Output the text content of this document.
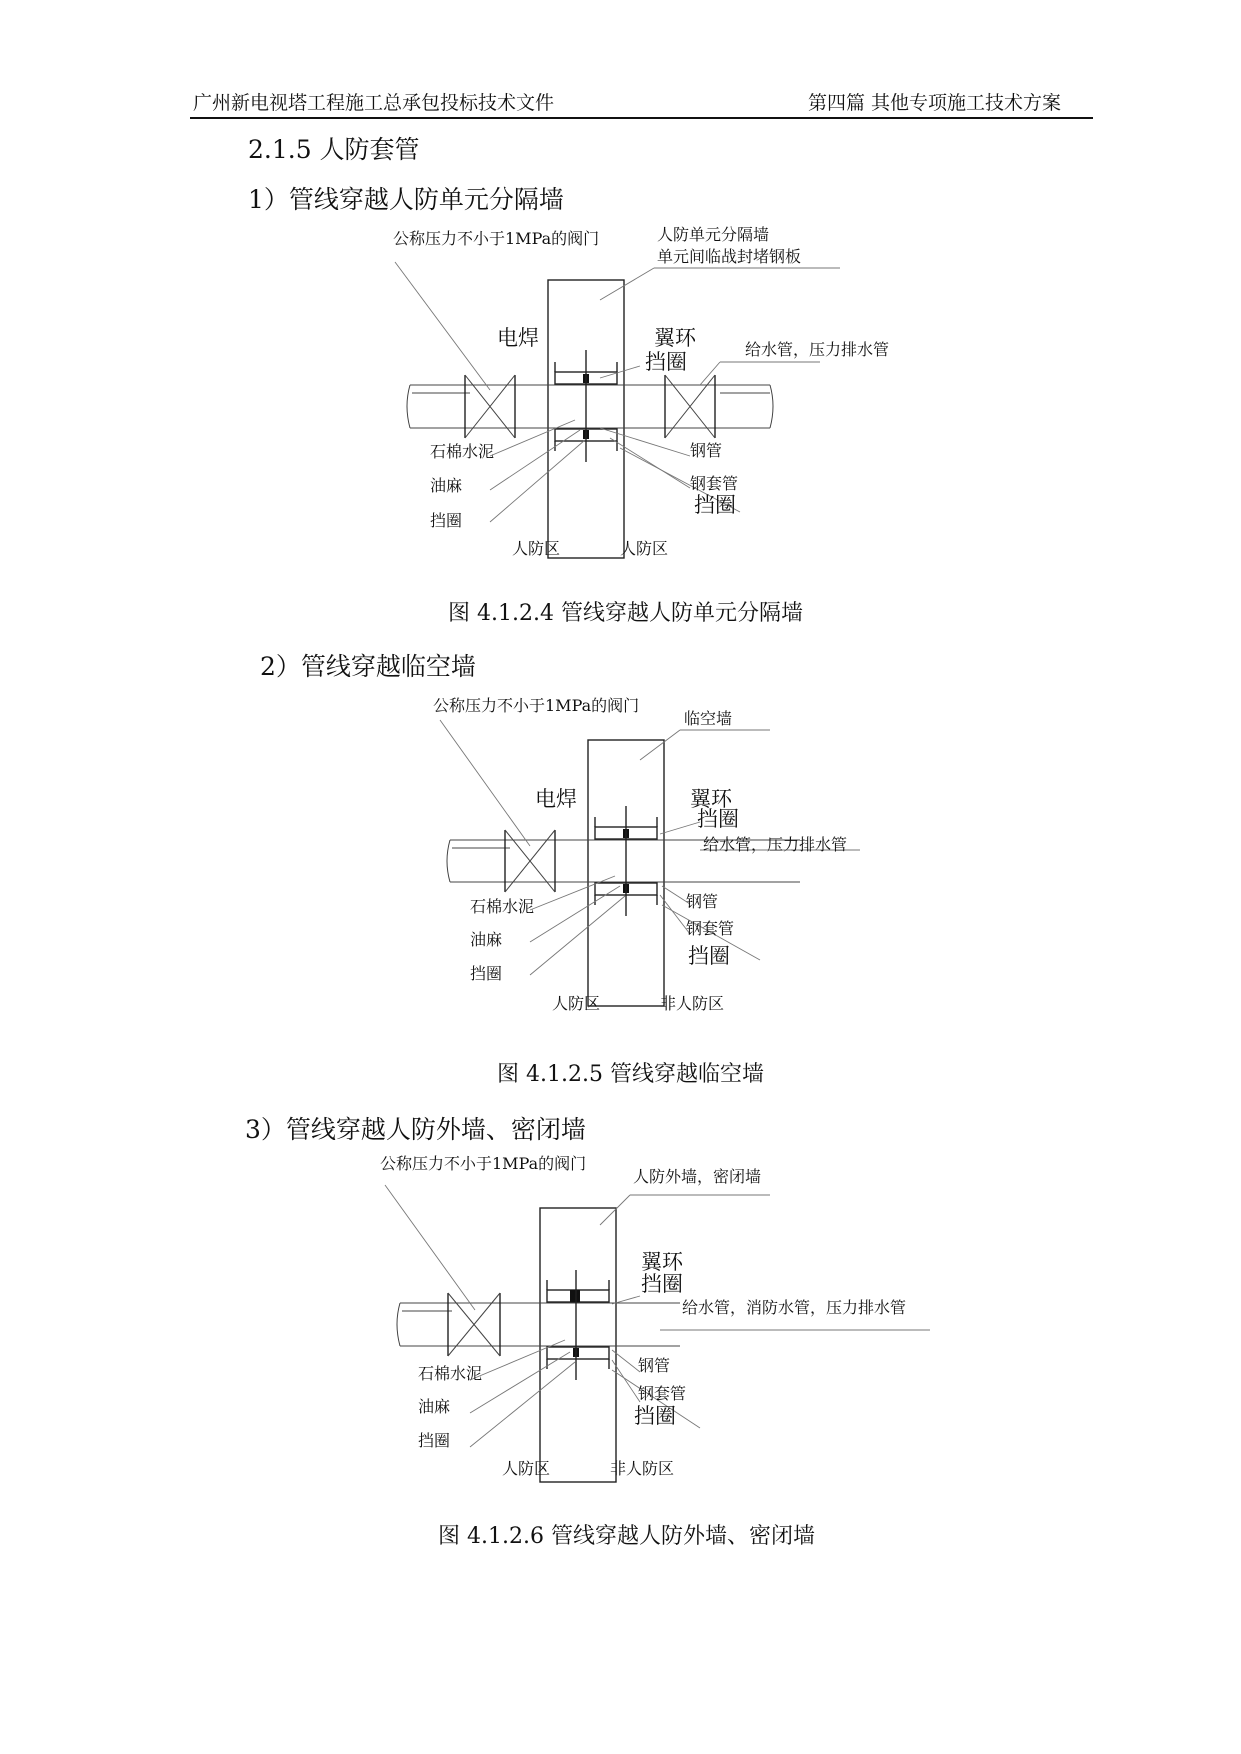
广州新电视塔工程施工总承包投标技术文件	第四篇 其他专项施工技术方案
2.1.5 人防套管
1）管线穿越人防单元分隔墙
公称压力不小于1MPa的阀门	人防单元分隔墙
单元间临战封堵钢板
电焊	翼环
挡圈
给水管，压力排水管
石棉水泥
油麻
挡圈
钢管
钢套管
挡圈
人防区	人防区
图 4.1.2.4 管线穿越人防单元分隔墙
2）管线穿越临空墙
公称压力不小于1MPa的阀门
临空墙
电焊	翼环
挡圈
给水管，压力排水管
石棉水泥
油麻
挡圈
钢管
钢套管
挡圈
人防区	非人防区
图 4.1.2.5 管线穿越临空墙
3）管线穿越人防外墙、密闭墙
公称压力不小于1MPa的阀门
人防外墙，密闭墙
翼环
挡圈
给水管，消防水管，压力排水管
石棉水泥
油麻
挡圈
钢管
钢套管
挡圈
人防区	非人防区
图 4.1.2.6 管线穿越人防外墙、密闭墙
